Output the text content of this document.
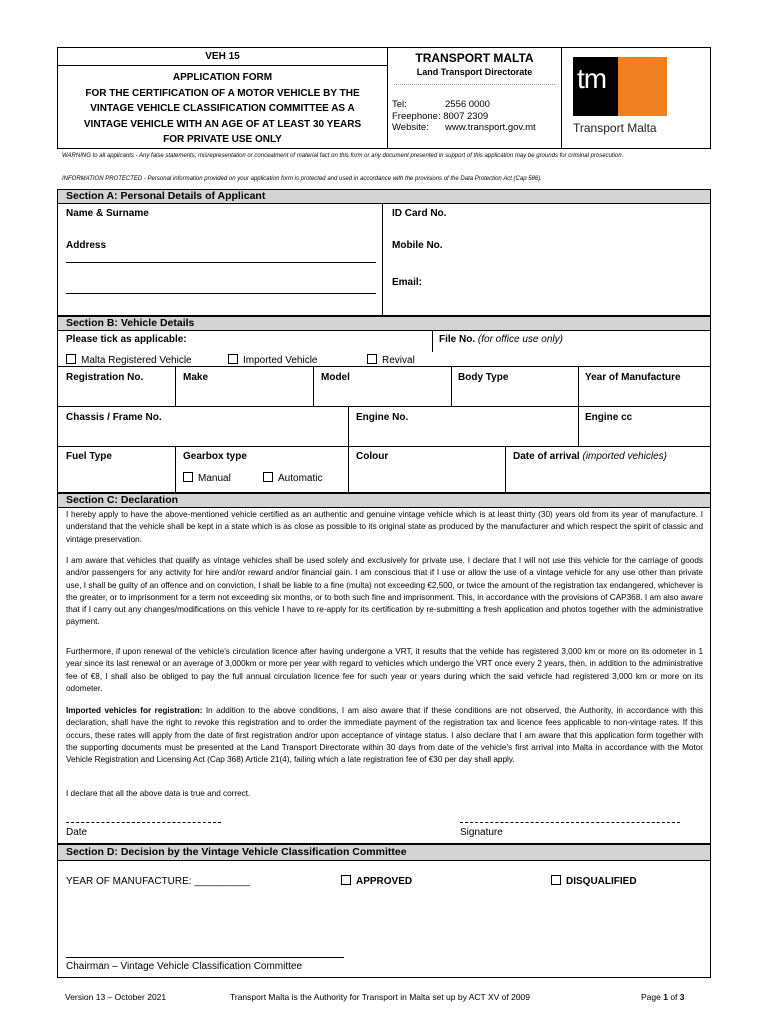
VEH 15
APPLICATION FORM
FOR THE CERTIFICATION OF A MOTOR VEHICLE BY THE
VINTAGE VEHICLE CLASSIFICATION COMMITTEE AS A
VINTAGE VEHICLE WITH AN AGE OF AT LEAST 30 YEARS
FOR PRIVATE USE ONLY
TRANSPORT MALTA
Land Transport Directorate
Tel:	2556 0000
Freephone: 8007 2309
Website: www.transport.gov.mt
tm
Transport Malta
WARNING to all applicants - Any false statements, misrepresentation or concealment of material fact on this form or any document presented in support of this application may be grounds for criminal prosecution.
INFORMATION PROTECTED - Personal information provided on your application form is protected and used in accordance with the provisions of the Data Protection Act (Cap 586).
Section A: Personal Details of Applicant
Name & Surname	ID Card No.
Address	Mobile No.
Email:
Section B: Vehicle Details
Please tick as applicable:	File No. (for office use only)
Malta Registered Vehicle	Imported Vehicle	Revival
Registration No.	Make	Model	Body Type	Year of Manufacture
Chassis / Frame No.	Engine No.	Engine cc
Fuel Type	Gearbox type	Colour	Date of arrival (imported vehicles)
Manual	Automatic
Section C: Declaration
I hereby apply to have the above-mentioned vehicle certified as an authentic and genuine vintage vehicle which is at least thirty (30) years old from its year of manufacture. I understand that the vehicle shall be kept in a state which is as close as possible to its original state as produced by the manufacturer and which respect the spirit of classic and vintage preservation.
I am aware that vehicles that qualify as vintage vehicles shall be used solely and exclusively for private use. I declare that I will not use this vehicle for the carriage of goods and/or passengers for any activity for hire and/or reward and/or financial gain. I am conscious that if I use or allow the use of a vintage vehicle for any use other than private use, I shall be guilty of an offence and on conviction, I shall be liable to a fine (multa) not exceeding €2,500, or twice the amount of the registration tax endangered, whichever is the greater, or to imprisonment for a term not exceeding six months, or to both such fine and imprisonment. This, in accordance with the provisions of CAP368. I am also aware that if I carry out any changes/modifications on this vehicle I have to re-apply for its certification by re-submitting a fresh application and photos together with the administrative payment.
Furthermore, if upon renewal of the vehicle’s circulation licence after having undergone a VRT, it results that the vehide has registered 3,000 km or more on its odometer in 1 year since its last renewal or an average of 3,000km or more per year with regard to vehicles which undergo the VRT once every 2 years, then, in addition to the administrative fee of €8, I shall also be obliged to pay the full annual circulation licence fee for such year or years during which the said vehicle had registered 3,000 km or more on its odometer.
Imported vehicles for registration: In addition to the above conditions, I am also aware that if these conditions are not observed, the Authority, in accordance with this declaration, shall have the right to revoke this registration and to order the immediate payment of the registration tax and licence fees applicable to non-vintage rates. If this occurs, these rates will apply from the date of first registration and/or upon acceptance of vintage status. I also declare that I am aware that this application form together with the supporting documents must be presented at the Land Transport Directorate within 30 days from date of the vehicle’s first arrival into Malta in accordance with the Motor Vehicle Registration and Licensing Act (Cap 368) Article 21(4), failing which a late registration fee of €30 per day shall apply.
I declare that all the above data is true and correct.
Date	Signature
Section D: Decision by the Vintage Vehicle Classification Committee
YEAR OF MANUFACTURE: __________	APPROVED	DISQUALIFIED
Chairman – Vintage Vehicle Classification Committee
Version 13 – October 2021	Transport Malta is the Authority for Transport in Malta set up by ACT XV of 2009	Page 1 of 3
